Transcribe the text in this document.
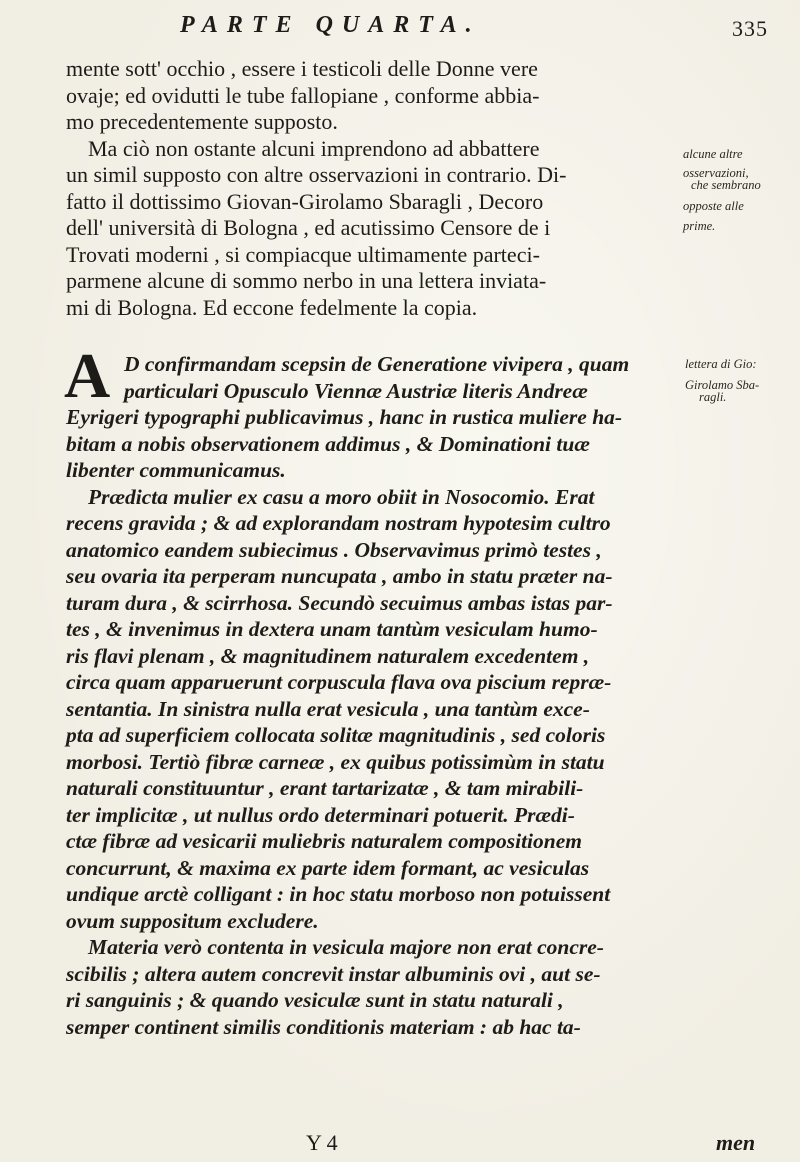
PARTE QUARTA.	335
mente sott' occhio , essere i testicoli delle Donne vere
ovaje; ed ovidutti le tube fallopiane , conforme abbia-
mo precedentemente supposto.
Ma ciò non ostante alcuni imprendono ad abbattere
un simil supposto con altre osservazioni in contrario. Di-
fatto il dottissimo Giovan-Girolamo Sbaragli , Decoro
dell' università di Bologna , ed acutissimo Censore de i
Trovati moderni , si compiacque ultimamente parteci-
parmene alcune di sommo nerbo in una lettera inviata-
mi di Bologna. Ed eccone fedelmente la copia.
alcune altre
osservazioni,
che sembrano
opposte alle
prime.
lettera di Gio:
Girolamo Sba-
ragli.
A D confirmandam scepsin de Generatione vivipera , quam
particulari Opusculo Viennæ Austriæ literis Andreæ
Eyrigeri typographi publicavimus , hanc in rustica muliere ha-
bitam a nobis observationem addimus , & Dominationi tuæ
libenter communicamus.
Prædicta mulier ex casu a moro obiit in Nosocomio. Erat
recens gravida ; & ad explorandam nostram hypotesim cultro
anatomico eandem subiecimus . Observavimus primò testes ,
seu ovaria ita perperam nuncupata , ambo in statu præter na-
turam dura , & scirrhosa. Secundò secuimus ambas istas par-
tes , & invenimus in dextera unam tantùm vesiculam humo-
ris flavi plenam , & magnitudinem naturalem excedentem ,
circa quam apparuerunt corpuscula flava ova piscium repræ-
sentantia. In sinistra nulla erat vesicula , una tantùm exce-
pta ad superficiem collocata solitæ magnitudinis , sed coloris
morbosi. Tertiò fibræ carneæ , ex quibus potissimùm in statu
naturali constituuntur , erant tartarizatæ , & tam mirabili-
ter implicitæ , ut nullus ordo determinari potuerit. Prædi-
ctæ fibræ ad vesicarii muliebris naturalem compositionem
concurrunt, & maxima ex parte idem formant, ac vesiculas
undique arctè colligant : in hoc statu morboso non potuissent
ovum suppositum excludere.
Materia verò contenta in vesicula majore non erat concre-
scibilis ; altera autem concrevit instar albuminis ovi , aut se-
ri sanguinis ; & quando vesiculæ sunt in statu naturali ,
semper continent similis conditionis materiam : ab hac ta-
Y 4	men
